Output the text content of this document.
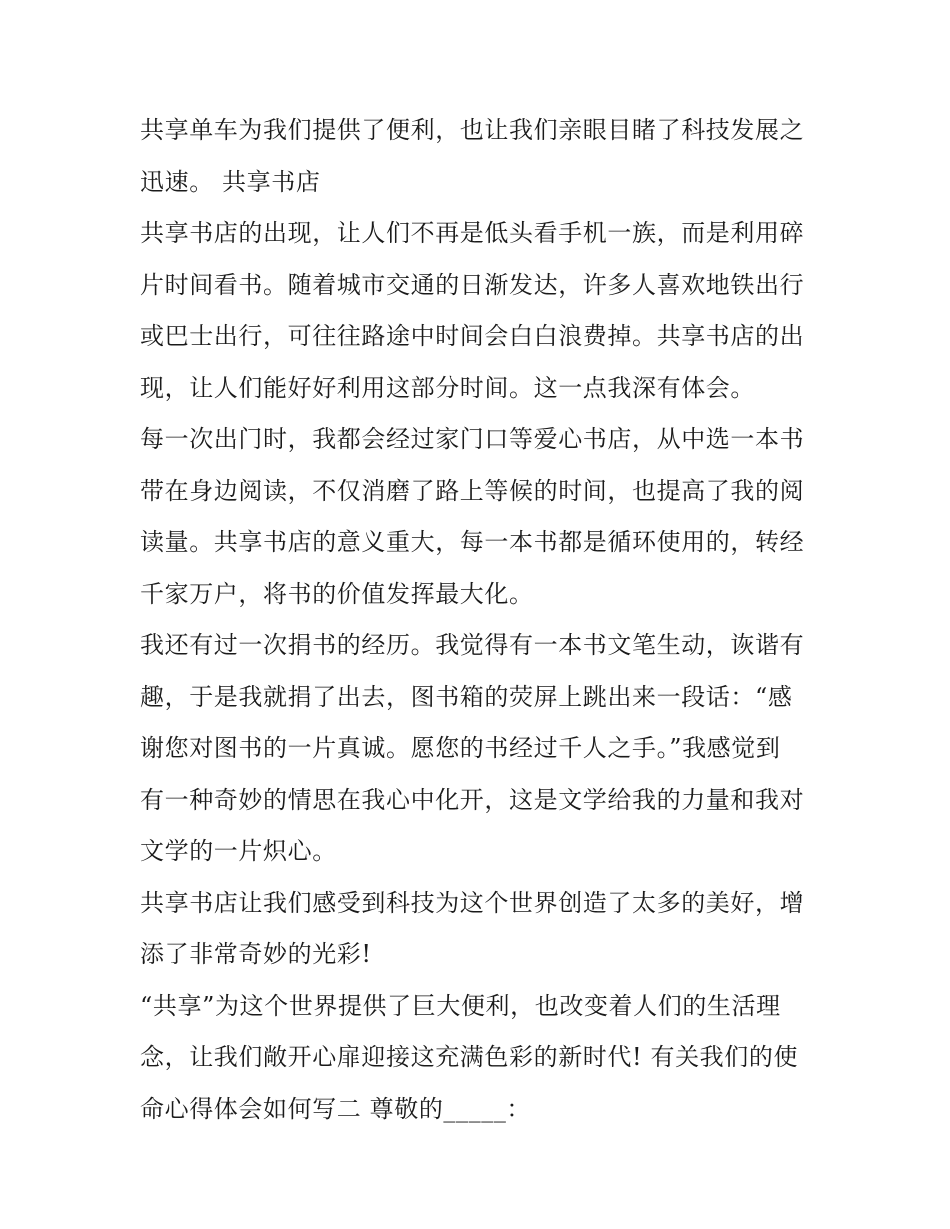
共享单车为我们提供了便利，也让我们亲眼目睹了科技发展之
迅速。 共享书店
共享书店的出现，让人们不再是低头看手机一族，而是利用碎
片时间看书。随着城市交通的日渐发达，许多人喜欢地铁出行
或巴士出行，可往往路途中时间会白白浪费掉。共享书店的出
现，让人们能好好利用这部分时间。这一点我深有体会。
每一次出门时，我都会经过家门口等爱心书店，从中选一本书
带在身边阅读，不仅消磨了路上等候的时间，也提高了我的阅
读量。共享书店的意义重大，每一本书都是循环使用的，转经
千家万户，将书的价值发挥最大化。
我还有过一次捐书的经历。我觉得有一本书文笔生动，诙谐有
趣，于是我就捐了出去，图书箱的荧屏上跳出来一段话：“感
谢您对图书的一片真诚。愿您的书经过千人之手。”我感觉到
有一种奇妙的情思在我心中化开，这是文学给我的力量和我对
文学的一片炽心。
共享书店让我们感受到科技为这个世界创造了太多的美好，增
添了非常奇妙的光彩!
“共享”为这个世界提供了巨大便利，也改变着人们的生活理
念，让我们敞开心扉迎接这充满色彩的新时代! 有关我们的使
命心得体会如何写二 尊敬的_____：
